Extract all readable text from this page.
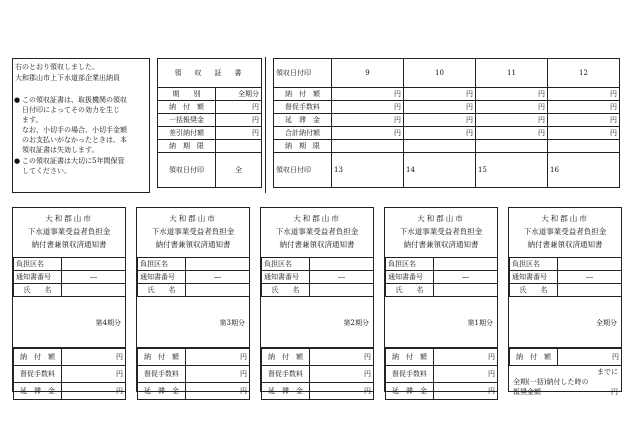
右のとおり領収しました。
大和郡山市上下水道部企業出納員
● この領収証書は、取扱機関の領収
日付印によってその効力を生じ
ます。
なお、小切手の場合、小切手金額
のお支払いがなかったときは、本
領収証書は失効します。
● この領収証書は大切に5年間保管
してください。
領　収　証　書	
期　　別	全期分
納　付　額	円
一括報奨金	円
差引納付額	円
納　期　限	
領収日付印	全
領収日付印	9	10	11	12
納　付　額	円	円	円	円
督促手数料	円	円	円	円
延　滞　金	円	円	円	円
合計納付額	円	円	円	円
納　期　限				
領収日付印	13	14	15	16
大和郡山市
下水道事業受益者負担金
納付書兼領収済通知書
負担区名	
通知書番号	―
氏　　名	
第4期分
納　付　額	円
督促手数料	円
延　滞　金	円
大和郡山市
下水道事業受益者負担金
納付書兼領収済通知書
負担区名	
通知書番号	―
氏　　名	
第3期分
納　付　額	円
督促手数料	円
延　滞　金	円
大和郡山市
下水道事業受益者負担金
納付書兼領収済通知書
負担区名	
通知書番号	―
氏　　名	
第2期分
納　付　額	円
督促手数料	円
延　滞　金	円
大和郡山市
下水道事業受益者負担金
納付書兼領収済通知書
負担区名	
通知書番号	―
氏　　名	
第1期分
納　付　額	円
督促手数料	円
延　滞　金	円
大和郡山市
下水道事業受益者負担金
納付書兼領収済通知書
負担区名	
通知書番号	―
氏　　名	
全期分
納　付　額	円
までに
全期(一括)納付した時の
報奨金額	円
